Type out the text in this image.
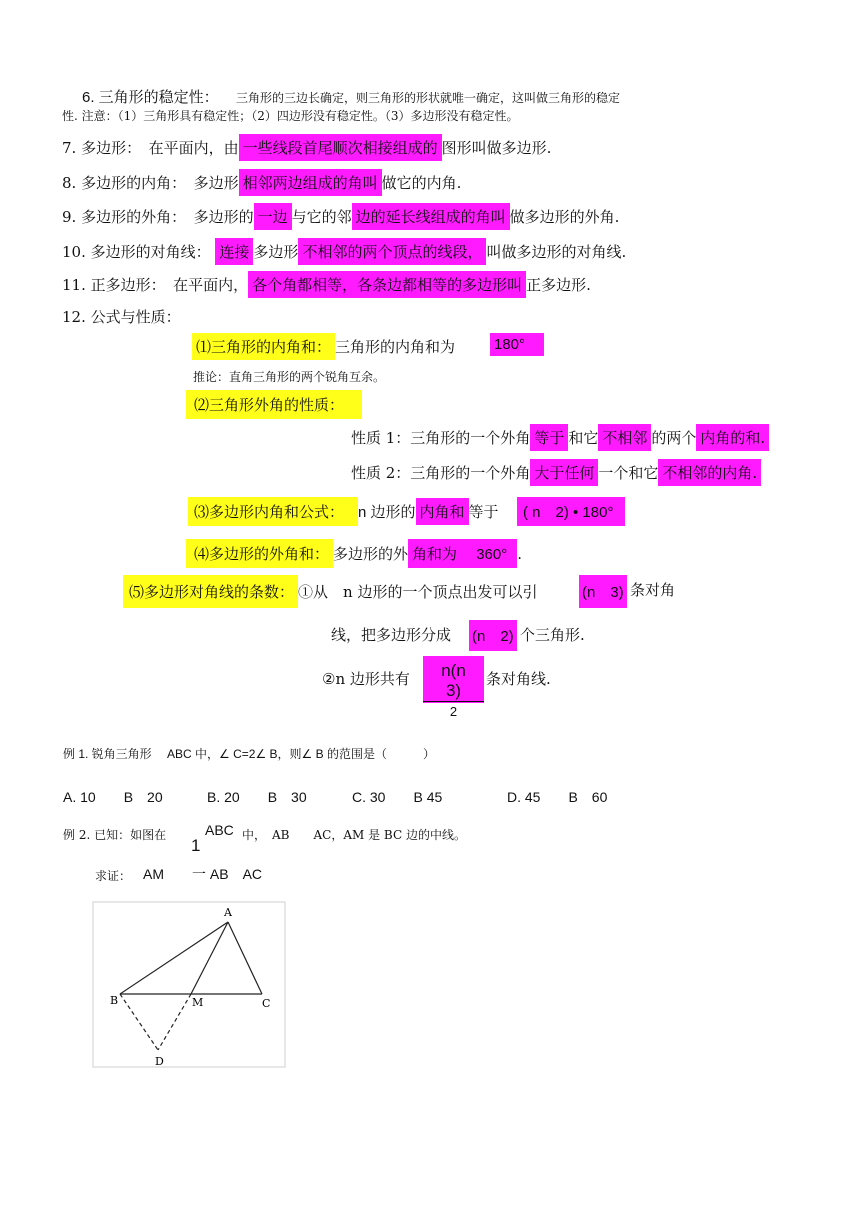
6. 三角形的稳定性： 三角形的三边长确定，则三角形的形状就唯一确定，这叫做三角形的稳定
性. 注意：（1）三角形具有稳定性；（2）四边形没有稳定性。（3）多边形没有稳定性。
7. 多边形：　在平面内，由 一些线段首尾顺次相接组成的 图形叫做多边形.
8. 多边形的内角：　多边形 相邻两边组成的角叫 做它的内角.
9. 多边形的外角：　多边形的 一边 与它的邻 边的延长线组成的角叫 做多边形的外角.
10. 多边形的对角线： 连接 多边形 不相邻的两个顶点的线段， 叫做多边形的对角线.
11. 正多边形：　在平面内， 各个角都相等，各条边都相等的多边形叫 正多边形.
12. 公式与性质：
⑴三角形的内角和： 三角形的内角和为	180°
推论：直角三角形的两个锐角互余。
⑵三角形外角的性质：
性质 1：三角形的一个外角 等于 和它 不相邻 的两个 内角的和.
性质 2：三角形的一个外角 大于任何 一个和它 不相邻的内角.
⑶多边形内角和公式： n 边形的 内角和 等于	( n　2) • 180°
⑷多边形的外角和： 多边形的外 角和为　 360° .
⑸多边形对角线的条数： ①从　n 边形的一个顶点出发可以引	(n　3) 条对角
线，把多边形分成 (n　2) 个三角形.
②n 边形共有	n(n　3)
2
条对角线.
例 1. 锐角三角形　 ABC 中，∠ C=2∠ B，则∠ B 的范围是（　　　）
A. 10　　B　20	B. 20　　B　30	C. 30　　B 45	D. 45　　B　60
例 2. 已知：如图在	ABC 中，　AB　　AC，AM 是 BC 边的中线。
1
求证： AM　　一 AB　AC
A
B	M	C
D
